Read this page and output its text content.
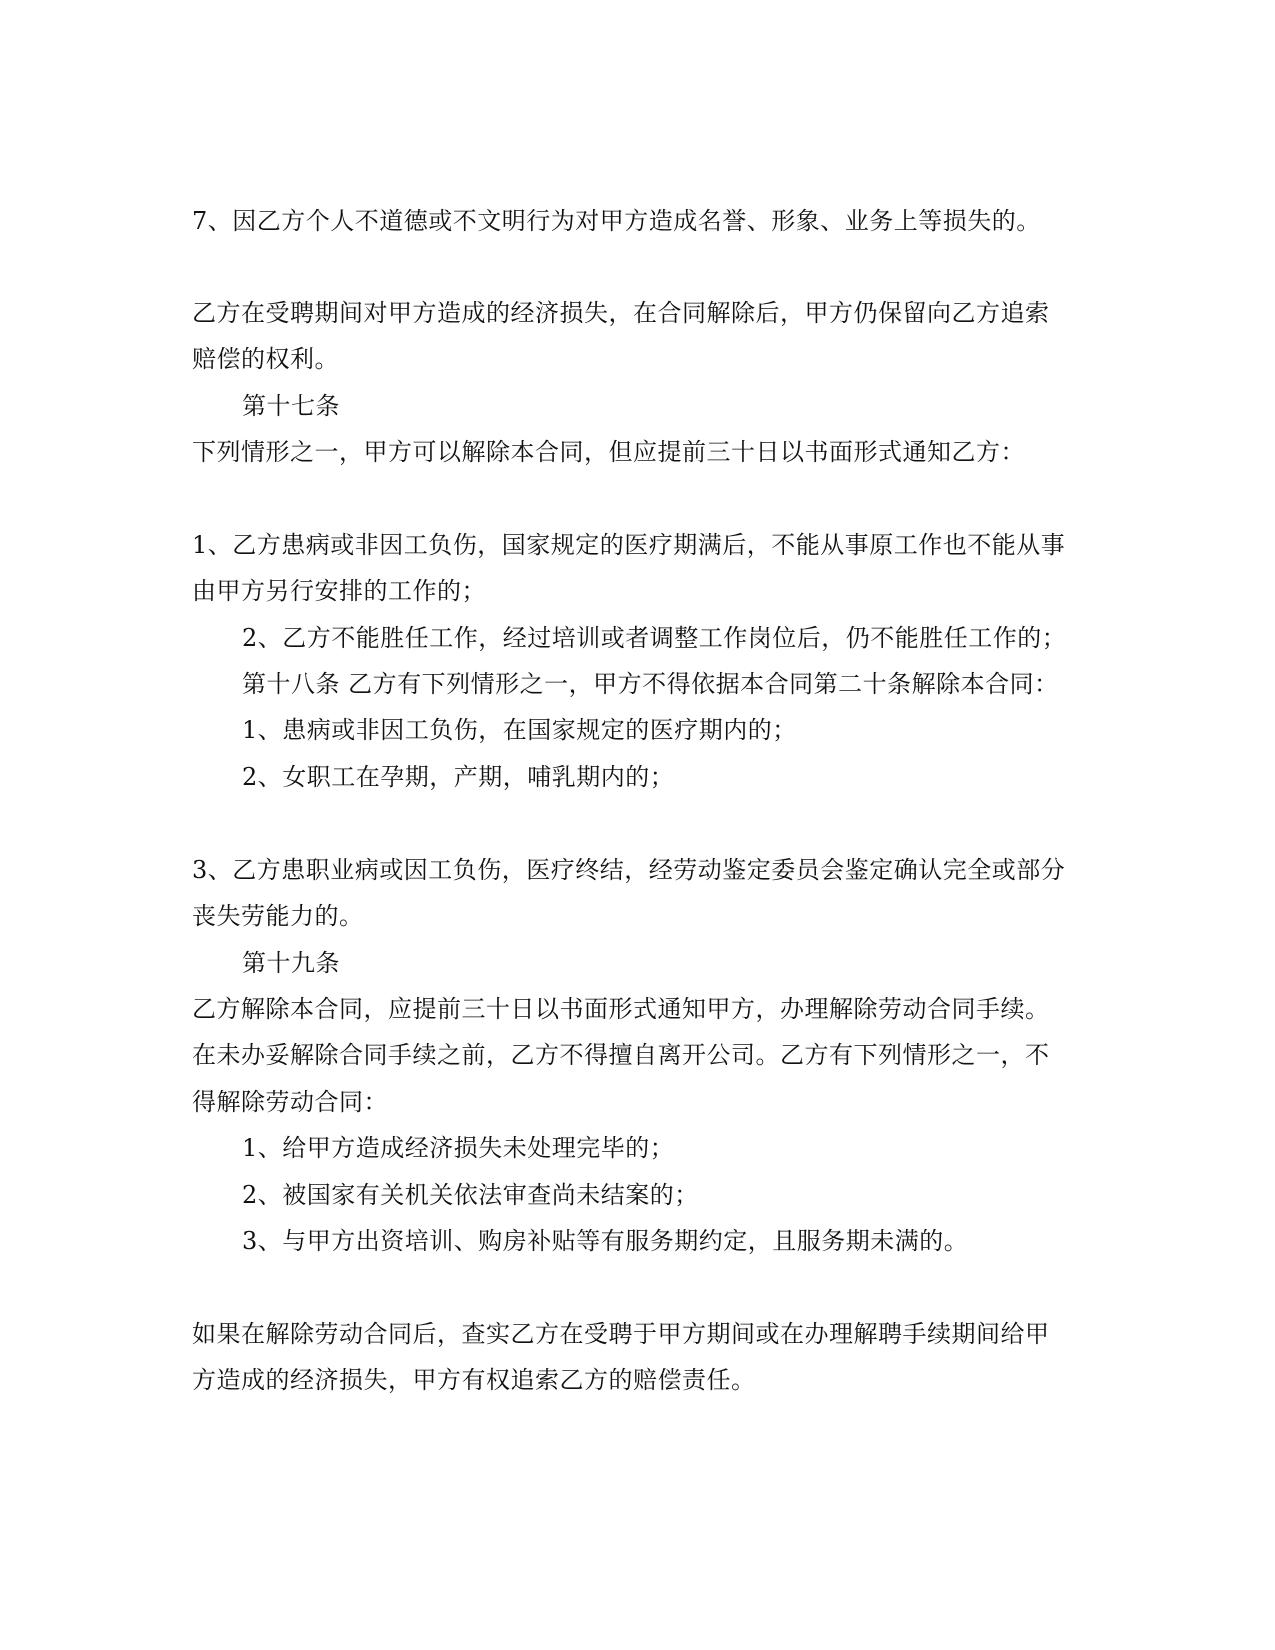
7、因乙方个人不道德或不文明行为对甲方造成名誉、形象、业务上等损失的。
乙方在受聘期间对甲方造成的经济损失，在合同解除后，甲方仍保留向乙方追索
赔偿的权利。
第十七条
下列情形之一，甲方可以解除本合同，但应提前三十日以书面形式通知乙方：
1、乙方患病或非因工负伤，国家规定的医疗期满后，不能从事原工作也不能从事
由甲方另行安排的工作的；
2、乙方不能胜任工作，经过培训或者调整工作岗位后，仍不能胜任工作的；
第十八条 乙方有下列情形之一，甲方不得依据本合同第二十条解除本合同：
1、患病或非因工负伤，在国家规定的医疗期内的；
2、女职工在孕期，产期，哺乳期内的；
3、乙方患职业病或因工负伤，医疗终结，经劳动鉴定委员会鉴定确认完全或部分
丧失劳能力的。
第十九条
乙方解除本合同，应提前三十日以书面形式通知甲方，办理解除劳动合同手续。
在未办妥解除合同手续之前，乙方不得擅自离开公司。乙方有下列情形之一，不
得解除劳动合同：
1、给甲方造成经济损失未处理完毕的；
2、被国家有关机关依法审查尚未结案的；
3、与甲方出资培训、购房补贴等有服务期约定，且服务期未满的。
如果在解除劳动合同后，查实乙方在受聘于甲方期间或在办理解聘手续期间给甲
方造成的经济损失，甲方有权追索乙方的赔偿责任。
